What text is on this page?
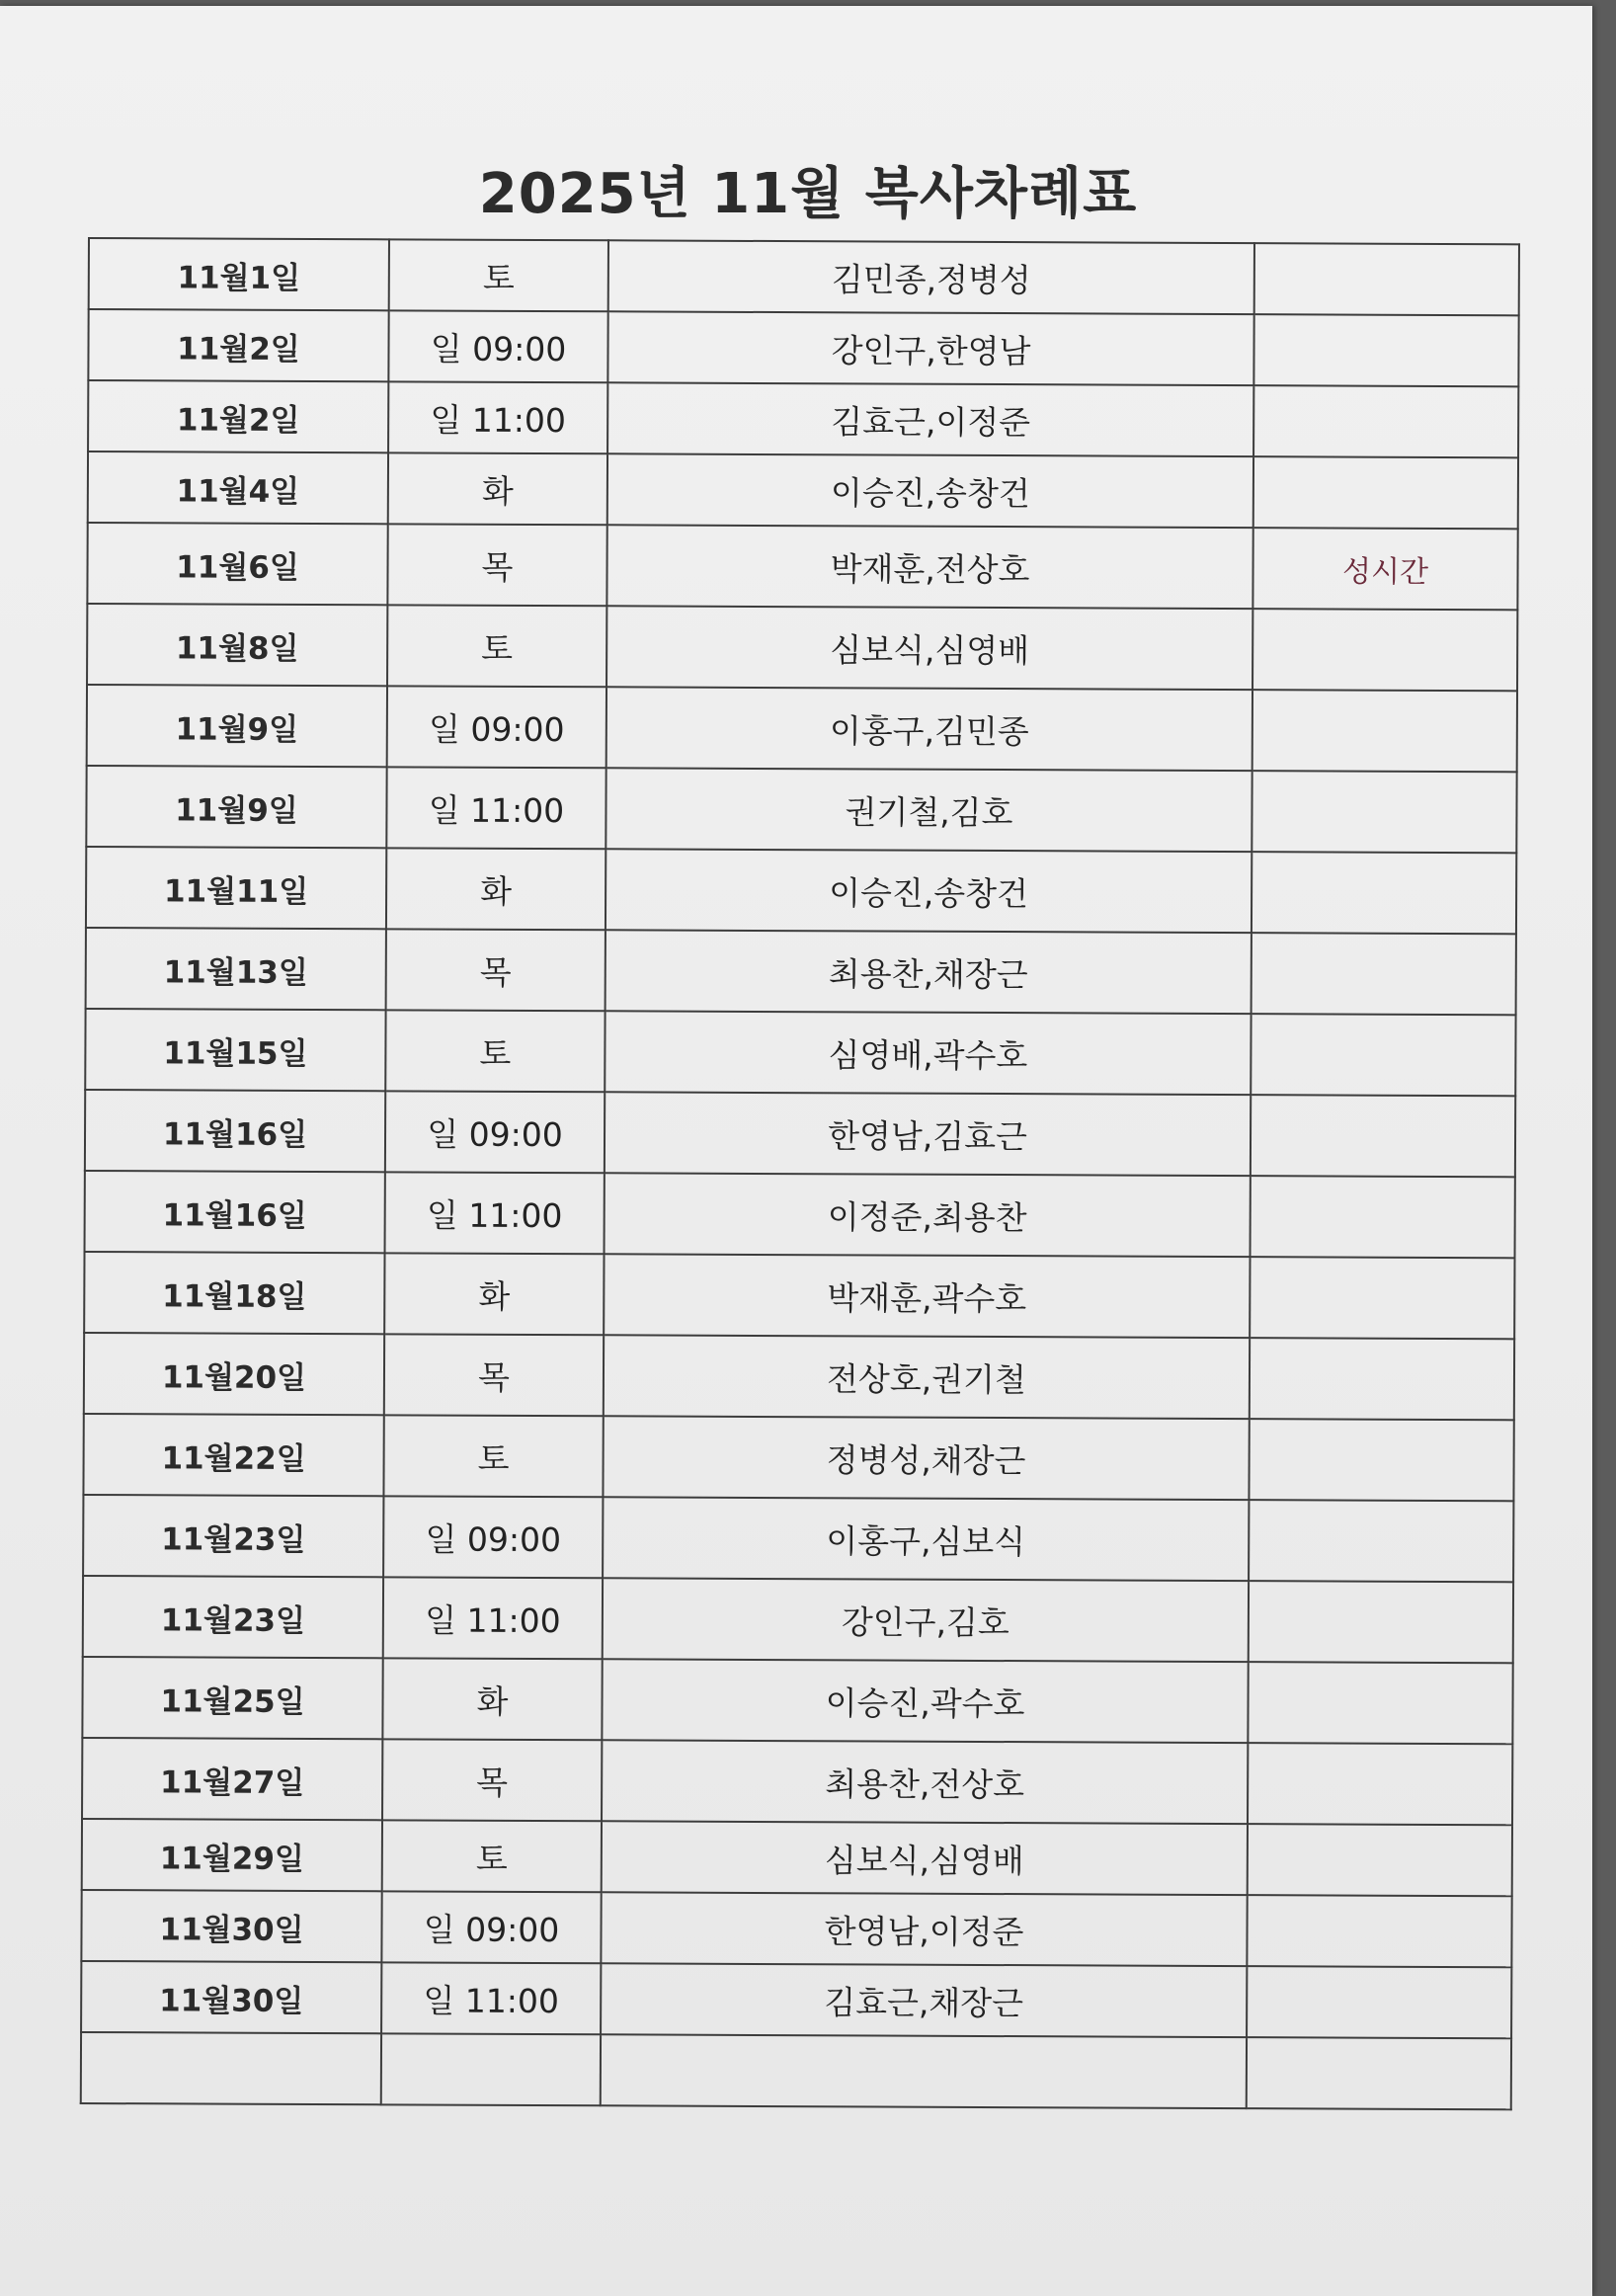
2025년 11월 복사차례표
11월1일	토	김민종,정병성	
11월2일	일 09:00	강인구,한영남	
11월2일	일 11:00	김효근,이정준	
11월4일	화	이승진,송창건	
11월6일	목	박재훈,전상호	성시간
11월8일	토	심보식,심영배	
11월9일	일 09:00	이홍구,김민종	
11월9일	일 11:00	권기철,김호	
11월11일	화	이승진,송창건	
11월13일	목	최용찬,채장근	
11월15일	토	심영배,곽수호	
11월16일	일 09:00	한영남,김효근	
11월16일	일 11:00	이정준,최용찬	
11월18일	화	박재훈,곽수호	
11월20일	목	전상호,권기철	
11월22일	토	정병성,채장근	
11월23일	일 09:00	이홍구,심보식	
11월23일	일 11:00	강인구,김호	
11월25일	화	이승진,곽수호	
11월27일	목	최용찬,전상호	
11월29일	토	심보식,심영배	
11월30일	일 09:00	한영남,이정준	
11월30일	일 11:00	김효근,채장근	
